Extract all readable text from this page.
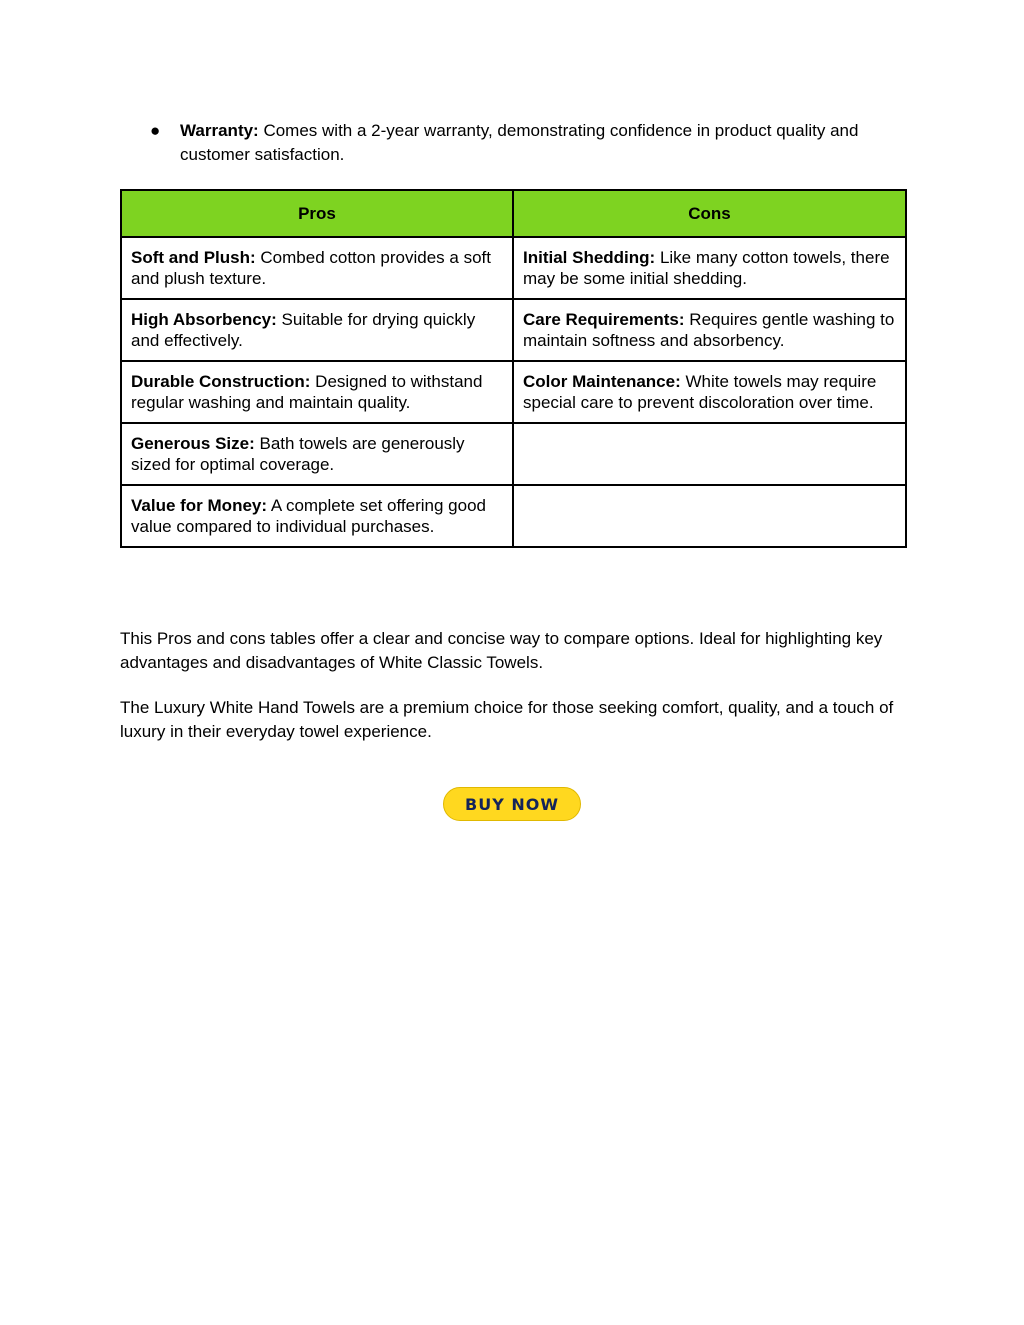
●	Warranty: Comes with a 2-year warranty, demonstrating confidence in product quality and customer satisfaction.
Pros	Cons
Soft and Plush: Combed cotton provides a soft and plush texture.	Initial Shedding: Like many cotton towels, there may be some initial shedding.
High Absorbency: Suitable for drying quickly and effectively.	Care Requirements: Requires gentle washing to maintain softness and absorbency.
Durable Construction: Designed to withstand regular washing and maintain quality.	Color Maintenance: White towels may require special care to prevent discoloration over time.
Generous Size: Bath towels are generously sized for optimal coverage.	
Value for Money: A complete set offering good value compared to individual purchases.	

This Pros and cons tables offer a clear and concise way to compare options. Ideal for highlighting key advantages and disadvantages of White Classic Towels.

The Luxury White Hand Towels are a premium choice for those seeking comfort, quality, and a touch of luxury in their everyday towel experience.

BUY NOW
